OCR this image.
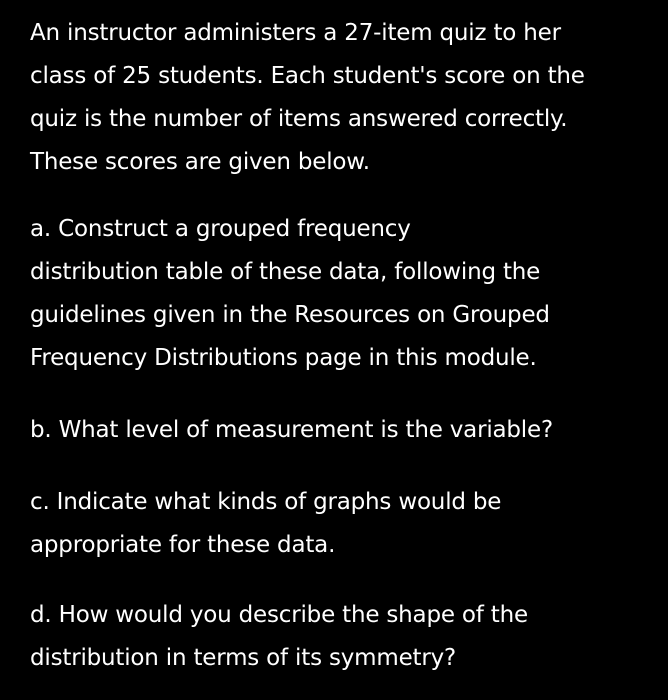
An instructor administers a 27-item quiz to her
class of 25 students. Each student's score on the
quiz is the number of items answered correctly.
These scores are given below.
a. Construct a grouped frequency
distribution table of these data, following the
guidelines given in the Resources on Grouped
Frequency Distributions page in this module.
b. What level of measurement is the variable?
c. Indicate what kinds of graphs would be
appropriate for these data.
d. How would you describe the shape of the
distribution in terms of its symmetry?
